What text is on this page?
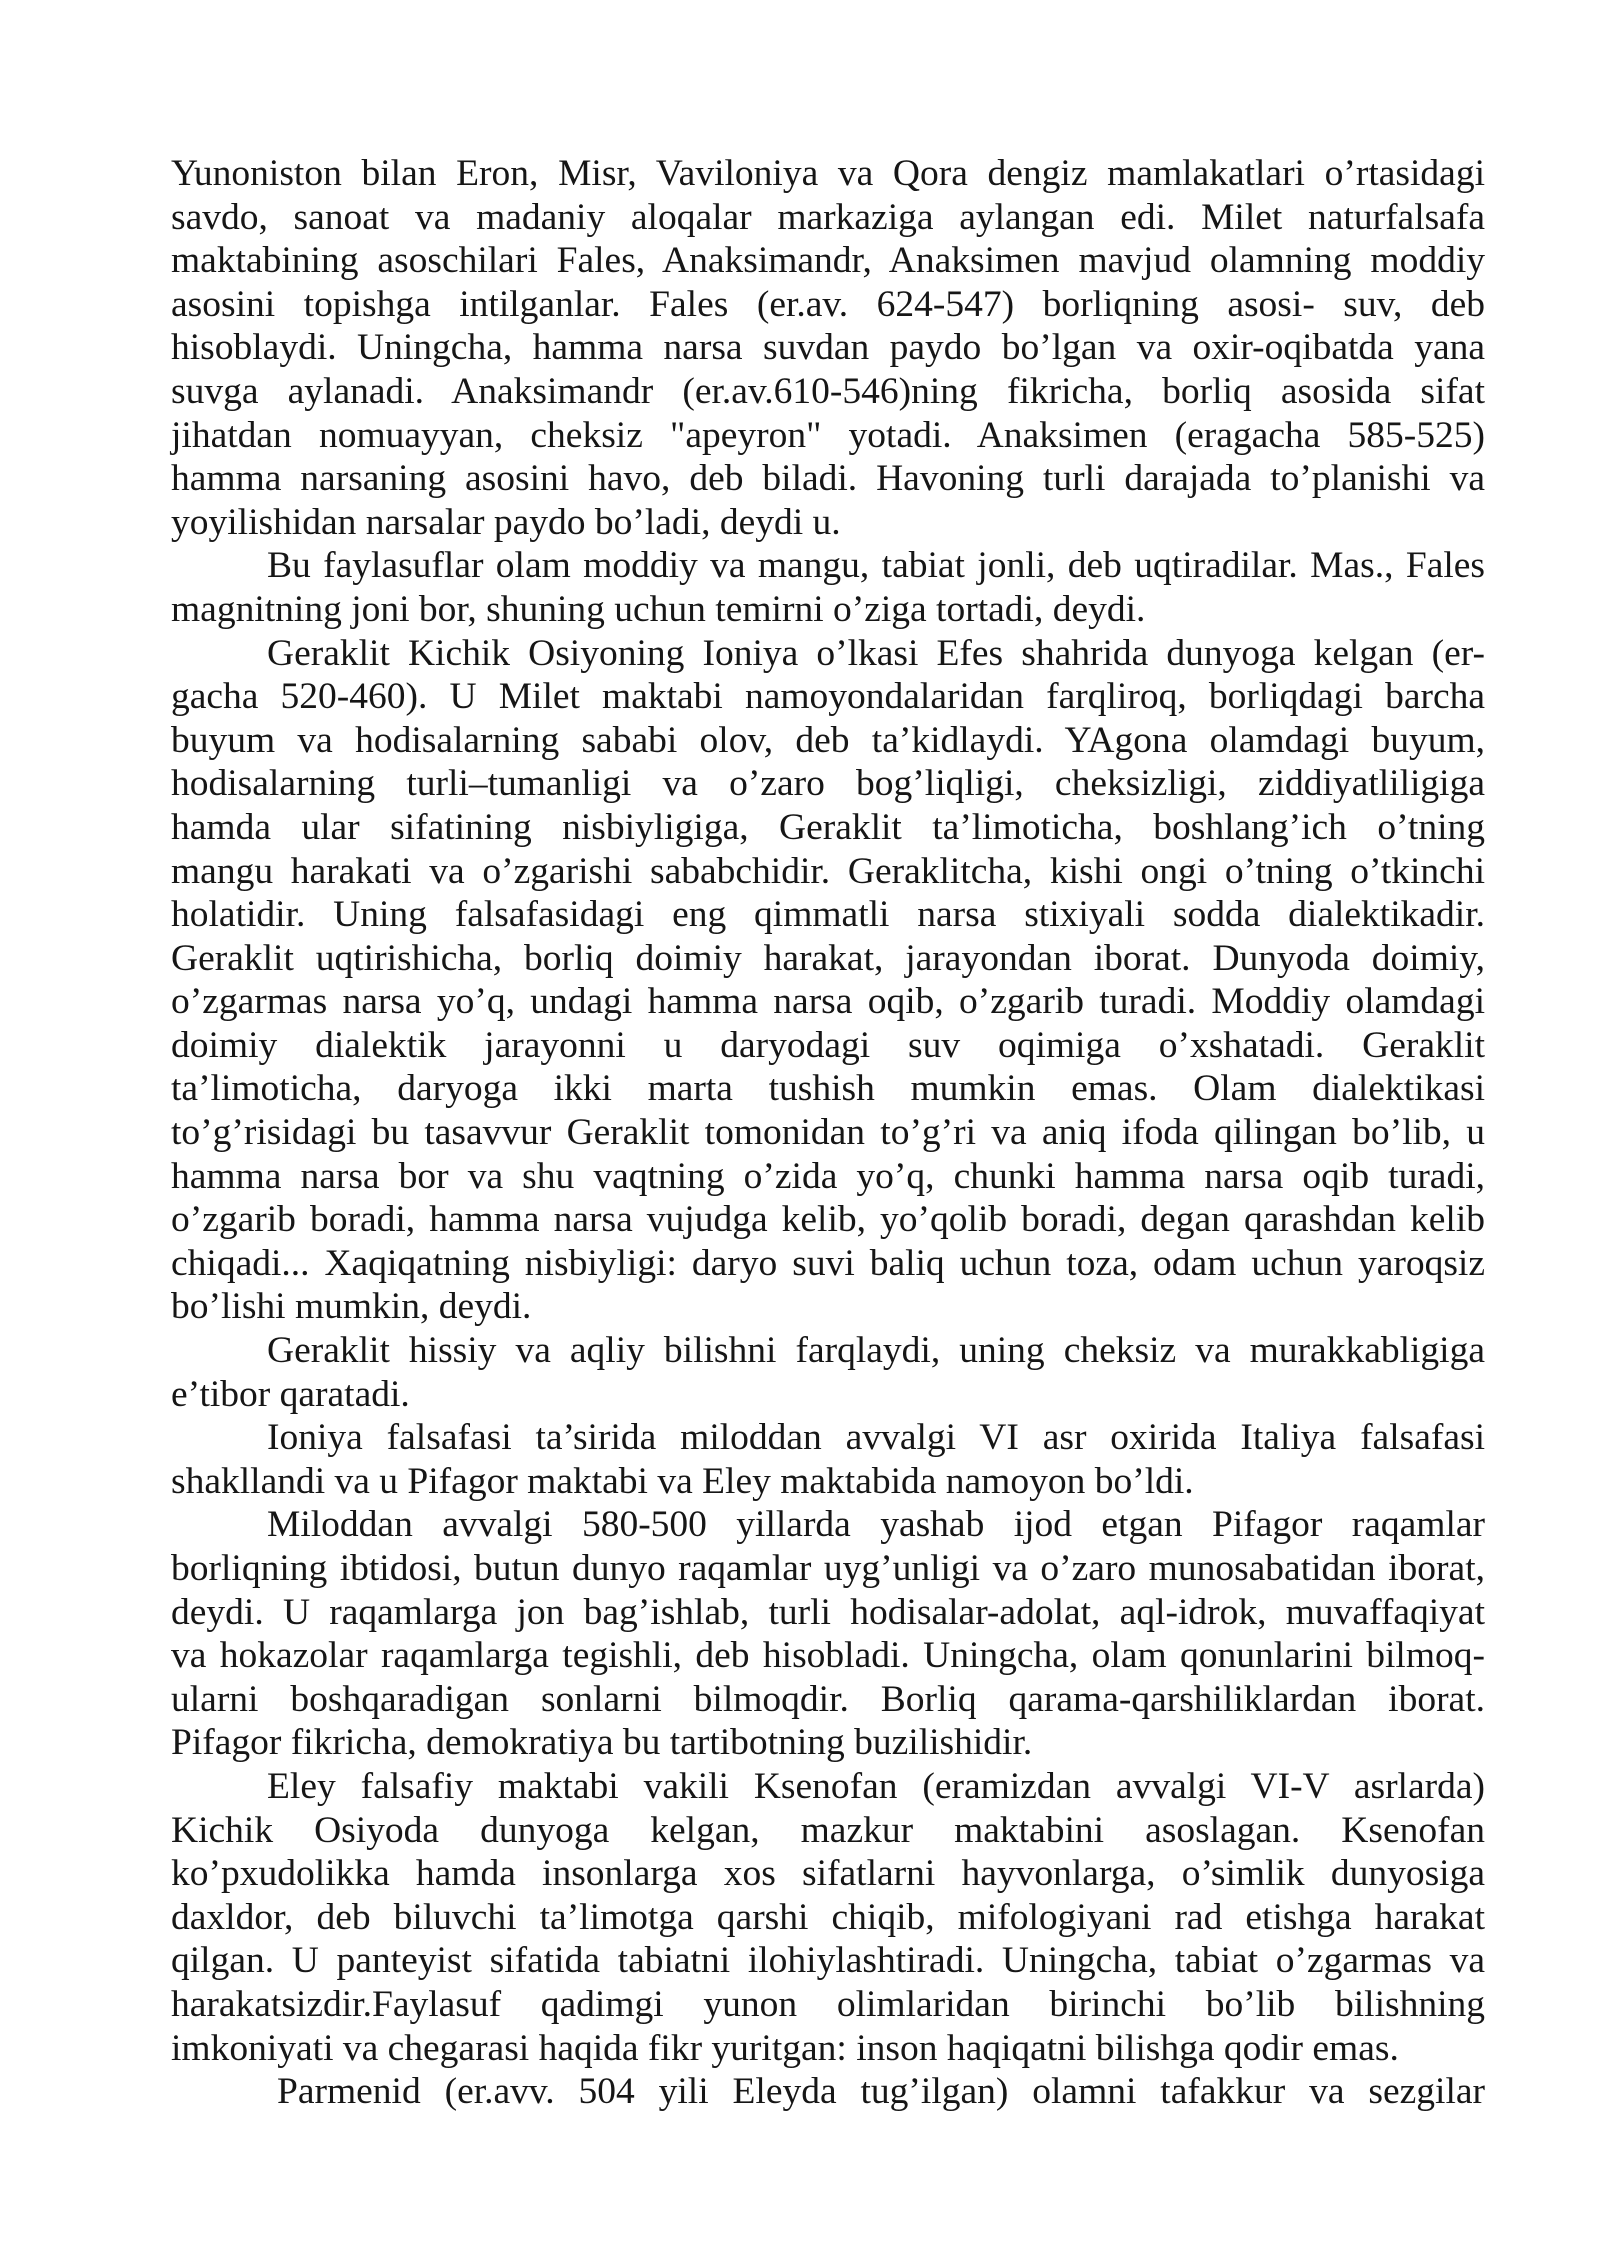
Yunoniston bilan Eron, Misr, Vaviloniya va Qora dengiz mamlakatlari o’rtasidagi
savdo, sanoat va madaniy aloqalar markaziga aylangan edi. Milet naturfalsafa
maktabining asoschilari Fales, Anaksimandr, Anaksimen mavjud olamning moddiy
asosini topishga intilganlar. Fales (er.av. 624-547) borliqning asosi- suv, deb
hisoblaydi. Uningcha, hamma narsa suvdan paydo bo’lgan va oxir-oqibatda yana
suvga aylanadi. Anaksimandr (er.av.610-546)ning fikricha, borliq asosida sifat
jihatdan nomuayyan, cheksiz "apeyron" yotadi. Anaksimen (eragacha 585-525)
hamma narsaning asosini havo, deb biladi. Havoning turli darajada to’planishi va
yoyilishidan narsalar paydo bo’ladi, deydi u.
Bu faylasuflar olam moddiy va mangu, tabiat jonli, deb uqtiradilar. Mas., Fales
magnitning joni bor, shuning uchun temirni o’ziga tortadi, deydi.
Geraklit Kichik Osiyoning Ioniya o’lkasi Efes shahrida dunyoga kelgan (er-
gacha 520-460). U Milet maktabi namoyondalaridan farqliroq, borliqdagi barcha
buyum va hodisalarning sababi olov, deb ta’kidlaydi. YAgona olamdagi buyum,
hodisalarning turli–tumanligi va o’zaro bog’liqligi, cheksizligi, ziddiyatliligiga
hamda ular sifatining nisbiyligiga, Geraklit ta’limoticha, boshlang’ich o’tning
mangu harakati va o’zgarishi sababchidir. Geraklitcha, kishi ongi o’tning o’tkinchi
holatidir. Uning falsafasidagi eng qimmatli narsa stixiyali sodda dialektikadir.
Geraklit uqtirishicha, borliq doimiy harakat, jarayondan iborat. Dunyoda doimiy,
o’zgarmas narsa yo’q, undagi hamma narsa oqib, o’zgarib turadi. Moddiy olamdagi
doimiy dialektik jarayonni u daryodagi suv oqimiga o’xshatadi. Geraklit
ta’limoticha, daryoga ikki marta tushish mumkin emas. Olam dialektikasi
to’g’risidagi bu tasavvur Geraklit tomonidan to’g’ri va aniq ifoda qilingan bo’lib, u
hamma narsa bor va shu vaqtning o’zida yo’q, chunki hamma narsa oqib turadi,
o’zgarib boradi, hamma narsa vujudga kelib, yo’qolib boradi, degan qarashdan kelib
chiqadi... Xaqiqatning nisbiyligi: daryo suvi baliq uchun toza, odam uchun yaroqsiz
bo’lishi mumkin, deydi.
Geraklit hissiy va aqliy bilishni farqlaydi, uning cheksiz va murakkabligiga
e’tibor qaratadi.
Ioniya falsafasi ta’sirida miloddan avvalgi VI asr oxirida Italiya falsafasi
shakllandi va u Pifagor maktabi va Eley maktabida namoyon bo’ldi.
Miloddan avvalgi 580-500 yillarda yashab ijod etgan Pifagor raqamlar
borliqning ibtidosi, butun dunyo raqamlar uyg’unligi va o’zaro munosabatidan iborat,
deydi. U raqamlarga jon bag’ishlab, turli hodisalar-adolat, aql-idrok, muvaffaqiyat
va hokazolar raqamlarga tegishli, deb hisobladi. Uningcha, olam qonunlarini bilmoq-
ularni boshqaradigan sonlarni bilmoqdir. Borliq qarama-qarshiliklardan iborat.
Pifagor fikricha, demokratiya bu tartibotning buzilishidir.
Eley falsafiy maktabi vakili Ksenofan (eramizdan avvalgi VI-V asrlarda)
Kichik Osiyoda dunyoga kelgan, mazkur maktabini asoslagan. Ksenofan
ko’pxudolikka hamda insonlarga xos sifatlarni hayvonlarga, o’simlik dunyosiga
daxldor, deb biluvchi ta’limotga qarshi chiqib, mifologiyani rad etishga harakat
qilgan. U panteyist sifatida tabiatni ilohiylashtiradi. Uningcha, tabiat o’zgarmas va
harakatsizdir.Faylasuf qadimgi yunon olimlaridan birinchi bo’lib bilishning
imkoniyati va chegarasi haqida fikr yuritgan: inson haqiqatni bilishga qodir emas.
Parmenid (er.avv. 504 yili Eleyda tug’ilgan) olamni tafakkur va sezgilar
